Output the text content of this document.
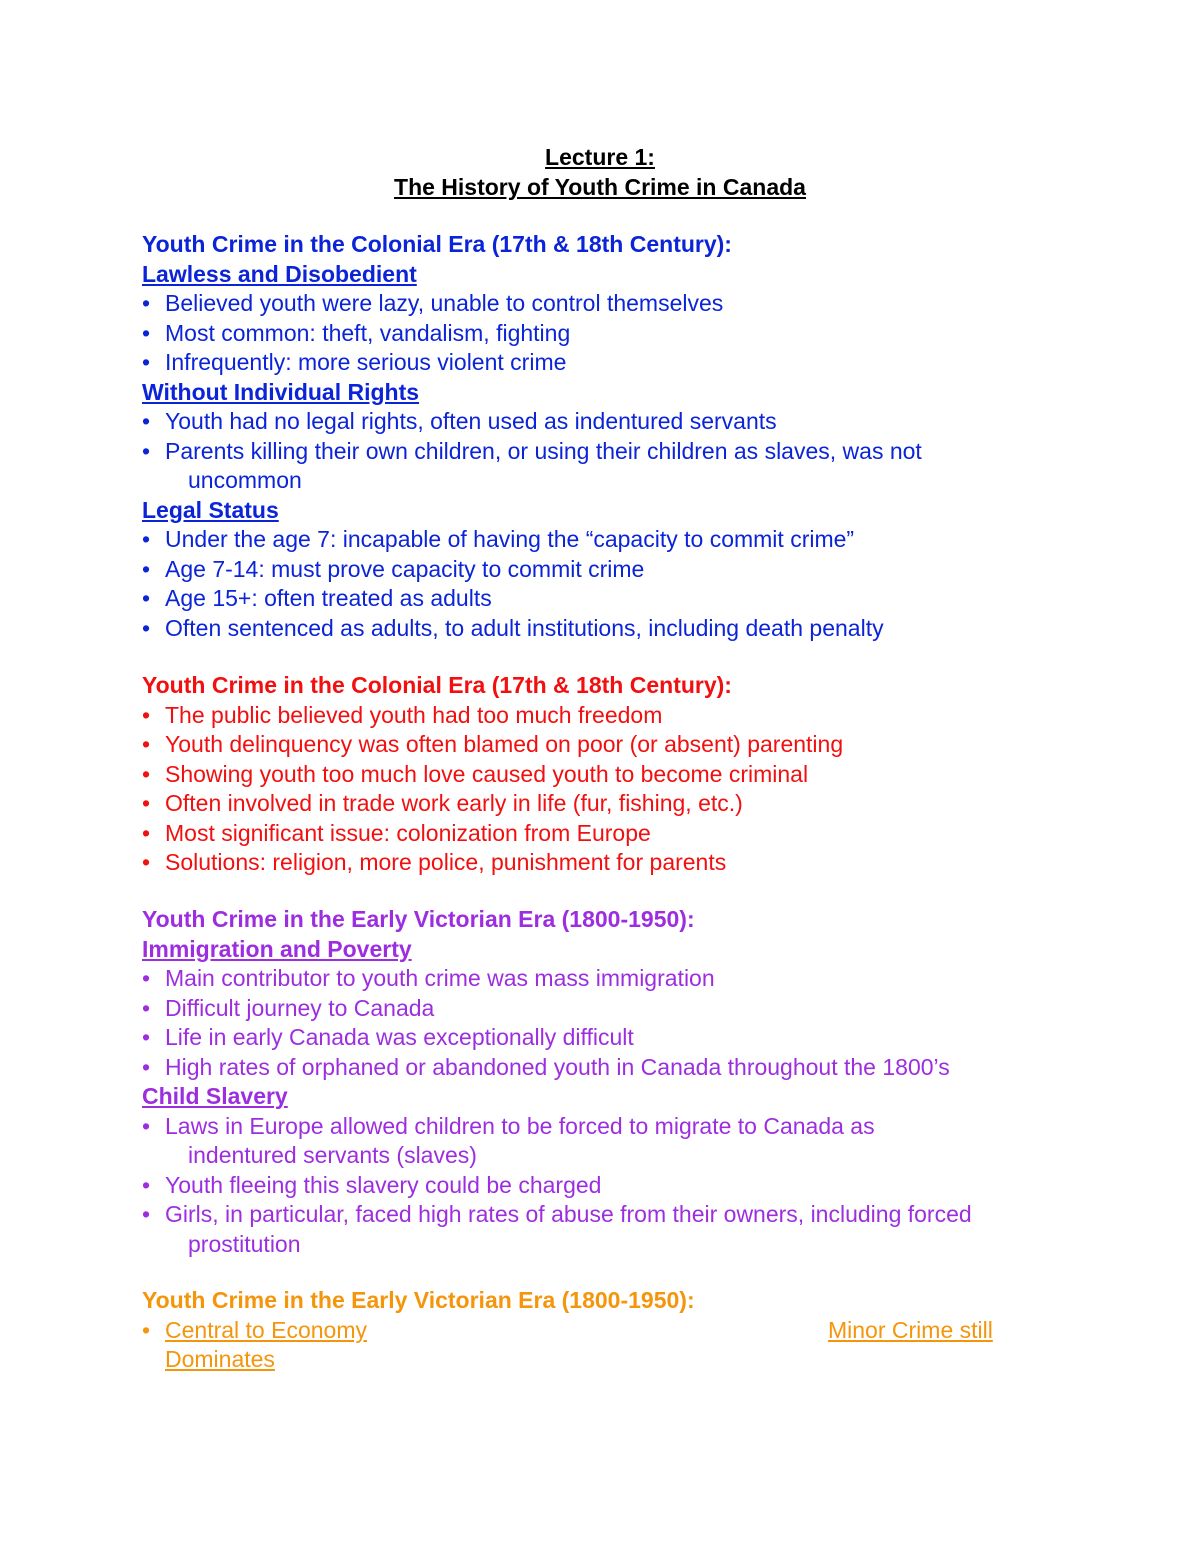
Lecture 1:
The History of Youth Crime in Canada
Youth Crime in the Colonial Era (17th & 18th Century):
Lawless and Disobedient
• Believed youth were lazy, unable to control themselves
• Most common: theft, vandalism, fighting
• Infrequently: more serious violent crime
Without Individual Rights
• Youth had no legal rights, often used as indentured servants
• Parents killing their own children, or using their children as slaves, was not
uncommon
Legal Status
• Under the age 7: incapable of having the “capacity to commit crime”
• Age 7-14: must prove capacity to commit crime
• Age 15+: often treated as adults
• Often sentenced as adults, to adult institutions, including death penalty
Youth Crime in the Colonial Era (17th & 18th Century):
• The public believed youth had too much freedom
• Youth delinquency was often blamed on poor (or absent) parenting
• Showing youth too much love caused youth to become criminal
• Often involved in trade work early in life (fur, fishing, etc.)
• Most significant issue: colonization from Europe
• Solutions: religion, more police, punishment for parents
Youth Crime in the Early Victorian Era (1800-1950):
Immigration and Poverty
• Main contributor to youth crime was mass immigration
• Difficult journey to Canada
• Life in early Canada was exceptionally difficult
• High rates of orphaned or abandoned youth in Canada throughout the 1800’s
Child Slavery
• Laws in Europe allowed children to be forced to migrate to Canada as
indentured servants (slaves)
• Youth fleeing this slavery could be charged
• Girls, in particular, faced high rates of abuse from their owners, including forced
prostitution
Youth Crime in the Early Victorian Era (1800-1950):
• Central to Economy	Minor Crime still
Dominates
